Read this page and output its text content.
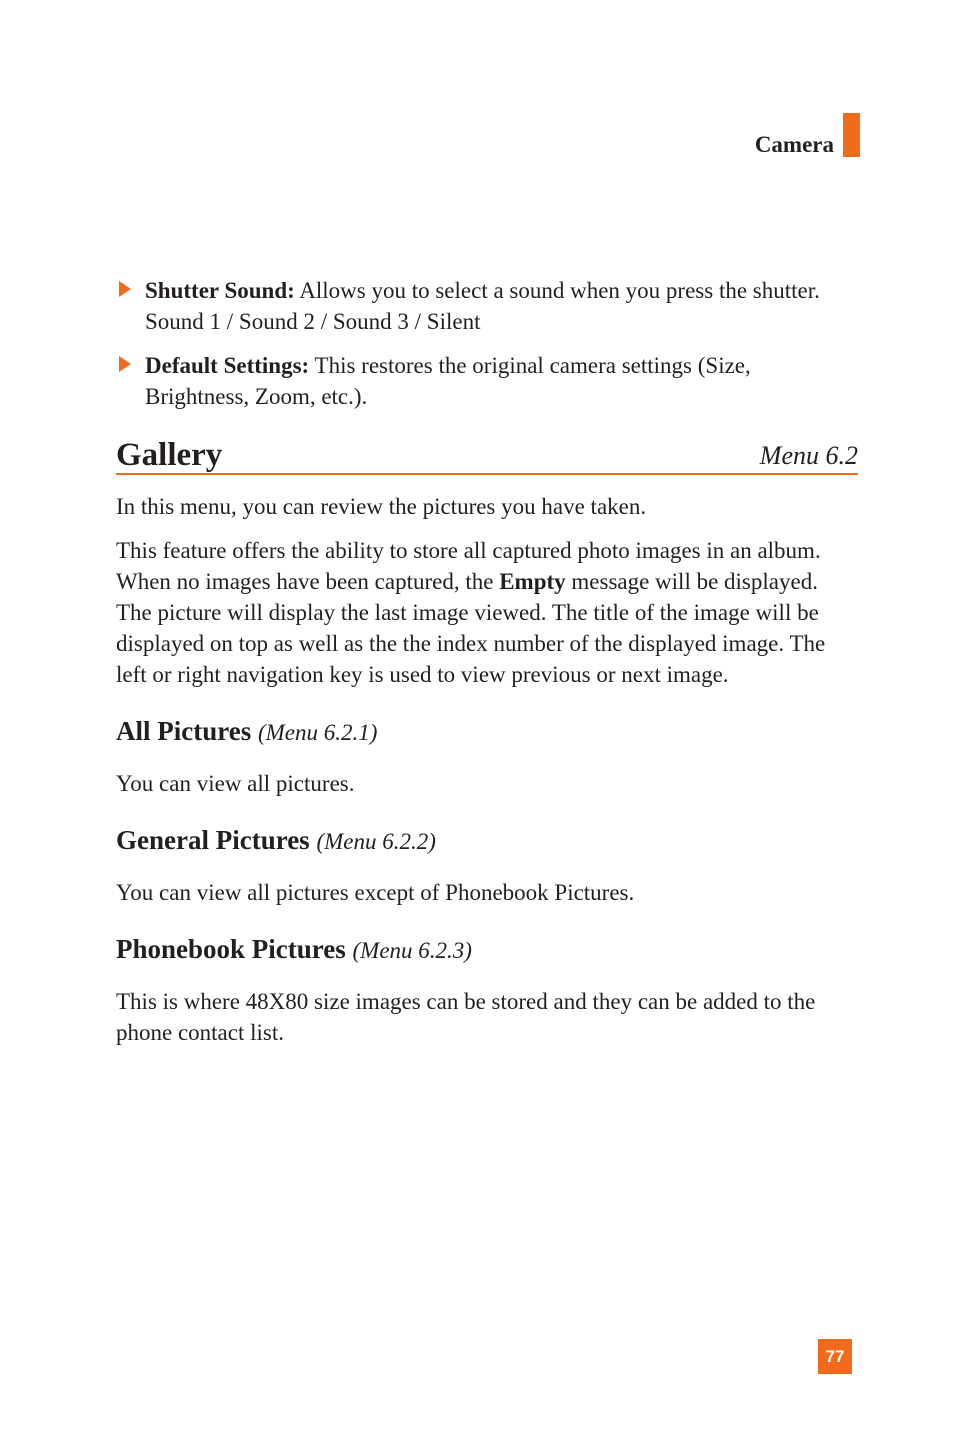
Camera

Shutter Sound: Allows you to select a sound when you press the shutter.

Sound 1 / Sound 2 / Sound 3 / Silent

Default Settings: This restores the original camera settings (Size, Brightness, Zoom, etc.).

Gallery	Menu 6.2

In this menu, you can review the pictures you have taken.

This feature offers the ability to store all captured photo images in an album. When no images have been captured, the Empty message will be displayed. The picture will display the last image viewed. The title of the image will be displayed on top as well as the the index number of the displayed image. The left or right navigation key is used to view previous or next image.

All Pictures (Menu 6.2.1)

You can view all pictures.

General Pictures (Menu 6.2.2)

You can view all pictures except of Phonebook Pictures.

Phonebook Pictures (Menu 6.2.3)

This is where 48X80 size images can be stored and they can be added to the phone contact list.

77
